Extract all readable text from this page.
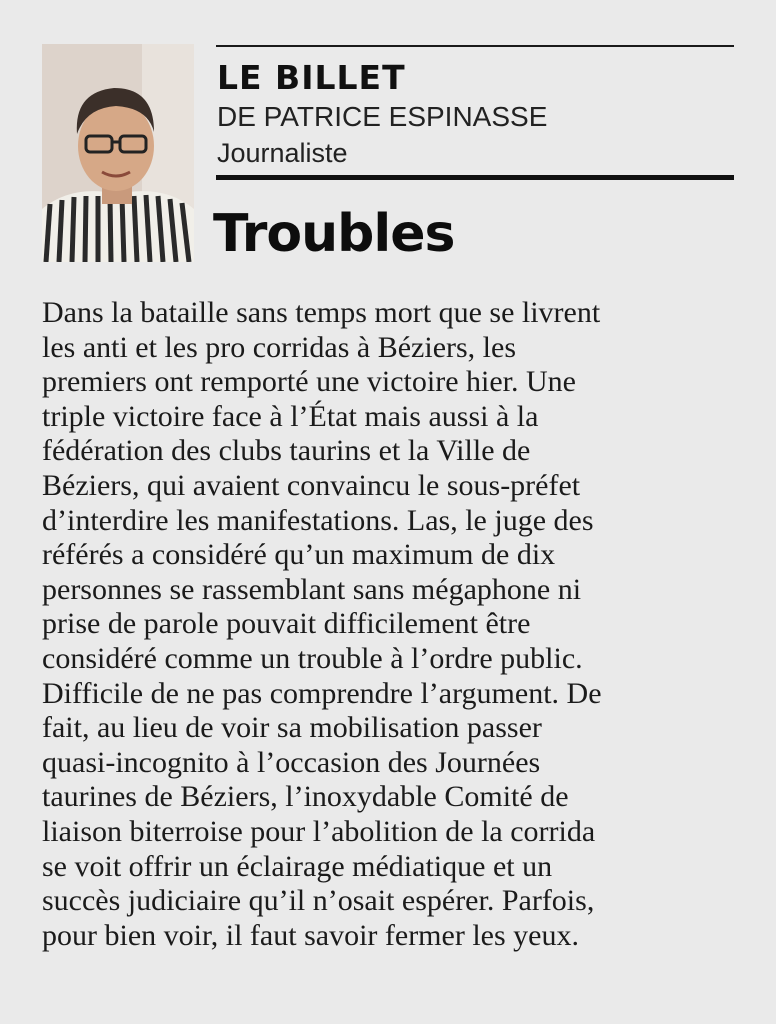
LE BILLET
DE PATRICE ESPINASSE
Journaliste
Troubles
Dans la bataille sans temps mort que se livrent
les anti et les pro corridas à Béziers, les
premiers ont remporté une victoire hier. Une
triple victoire face à l’État mais aussi à la
fédération des clubs taurins et la Ville de
Béziers, qui avaient convaincu le sous-préfet
d’interdire les manifestations. Las, le juge des
référés a considéré qu’un maximum de dix
personnes se rassemblant sans mégaphone ni
prise de parole pouvait difficilement être
considéré comme un trouble à l’ordre public.
Difficile de ne pas comprendre l’argument. De
fait, au lieu de voir sa mobilisation passer
quasi-incognito à l’occasion des Journées
taurines de Béziers, l’inoxydable Comité de
liaison biterroise pour l’abolition de la corrida
se voit offrir un éclairage médiatique et un
succès judiciaire qu’il n’osait espérer. Parfois,
pour bien voir, il faut savoir fermer les yeux.
